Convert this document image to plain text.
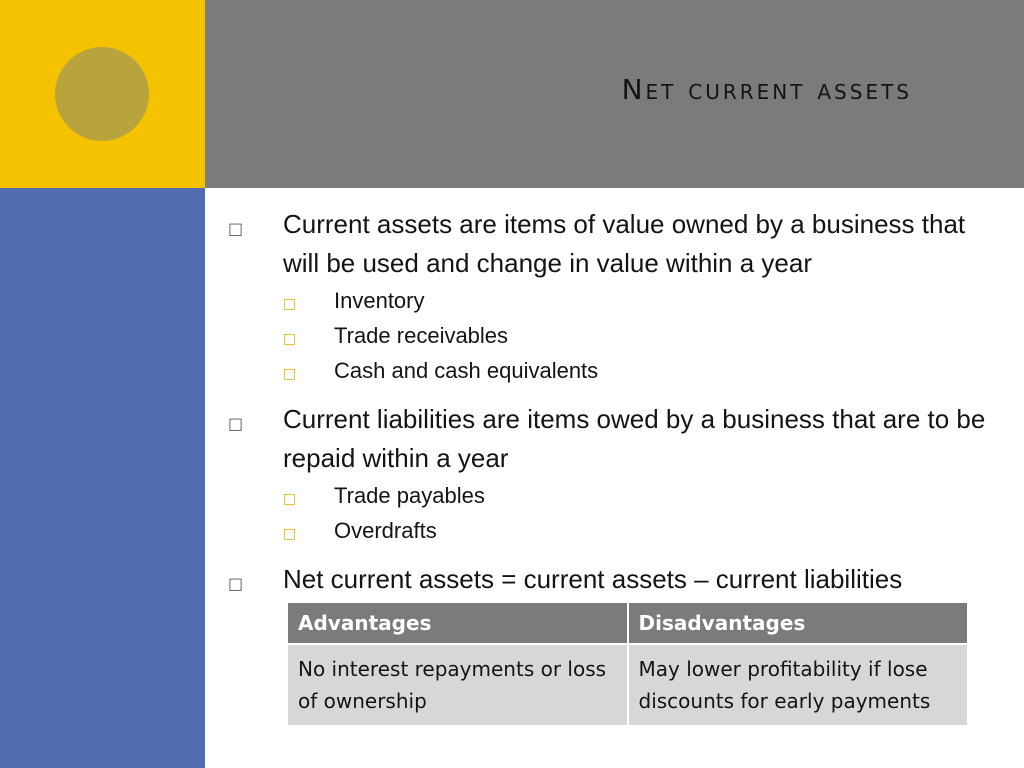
Net current assets
□ Current assets are items of value owned by a business that will be used and change in value within a year
□ Inventory
□ Trade receivables
□ Cash and cash equivalents
□ Current liabilities are items owed by a business that are to be repaid within a year
□ Trade payables
□ Overdrafts
□ Net current assets = current assets – current liabilities
Advantages	Disadvantages
No interest repayments or loss of ownership	May lower profitability if lose discounts for early payments
